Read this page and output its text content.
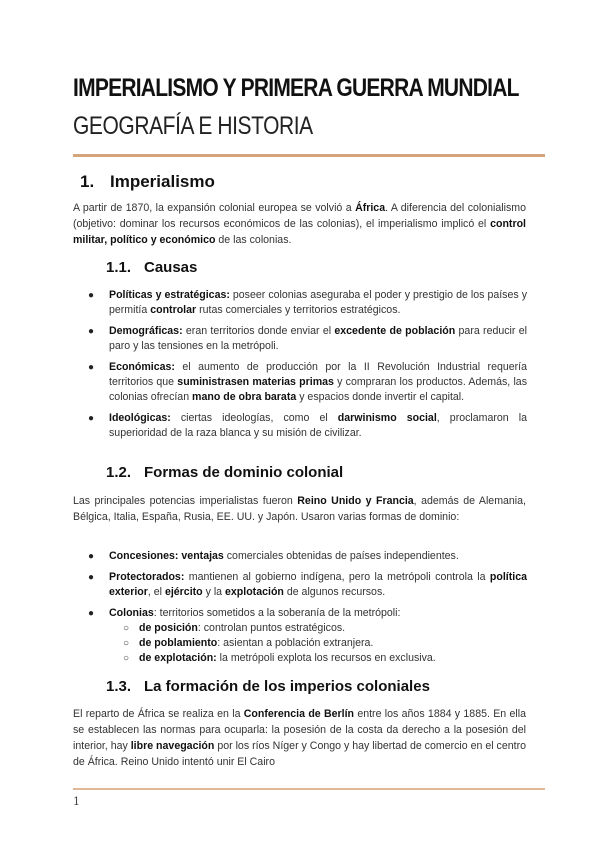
IMPERIALISMO Y PRIMERA GUERRA MUNDIAL
GEOGRAFÍA E HISTORIA
1. Imperialismo

A partir de 1870, la expansión colonial europea se volvió a África. A diferencia del colonialismo (objetivo: dominar los recursos económicos de las colonias), el imperialismo implicó el control militar, político y económico de las colonias.

1.1. Causas
● Políticas y estratégicas: poseer colonias aseguraba el poder y prestigio de los países y permitía controlar rutas comerciales y territorios estratégicos.
● Demográficas: eran territorios donde enviar el excedente de población para reducir el paro y las tensiones en la metrópoli.
● Económicas: el aumento de producción por la II Revolución Industrial requería territorios que suministrasen materias primas y compraran los productos. Además, las colonias ofrecían mano de obra barata y espacios donde invertir el capital.
● Ideológicas: ciertas ideologías, como el darwinismo social, proclamaron la superioridad de la raza blanca y su misión de civilizar.
1.2. Formas de dominio colonial

Las principales potencias imperialistas fueron Reino Unido y Francia, además de Alemania, Bélgica, Italia, España, Rusia, EE. UU. y Japón. Usaron varias formas de dominio:

● Concesiones: ventajas comerciales obtenidas de países independientes.
● Protectorados: mantienen al gobierno indígena, pero la metrópoli controla la política exterior, el ejército y la explotación de algunos recursos.
● Colonias: territorios sometidos a la soberanía de la metrópoli:
○ de posición: controlan puntos estratégicos.
○ de poblamiento: asientan a población extranjera.
○ de explotación: la metrópoli explota los recursos en exclusiva.
1.3. La formación de los imperios coloniales

El reparto de África se realiza en la Conferencia de Berlín entre los años 1884 y 1885. En ella se establecen las normas para ocuparla: la posesión de la costa da derecho a la posesión del interior, hay libre navegación por los ríos Níger y Congo y hay libertad de comercio en el centro de África. Reino Unido intentó unir El Cairo

1
